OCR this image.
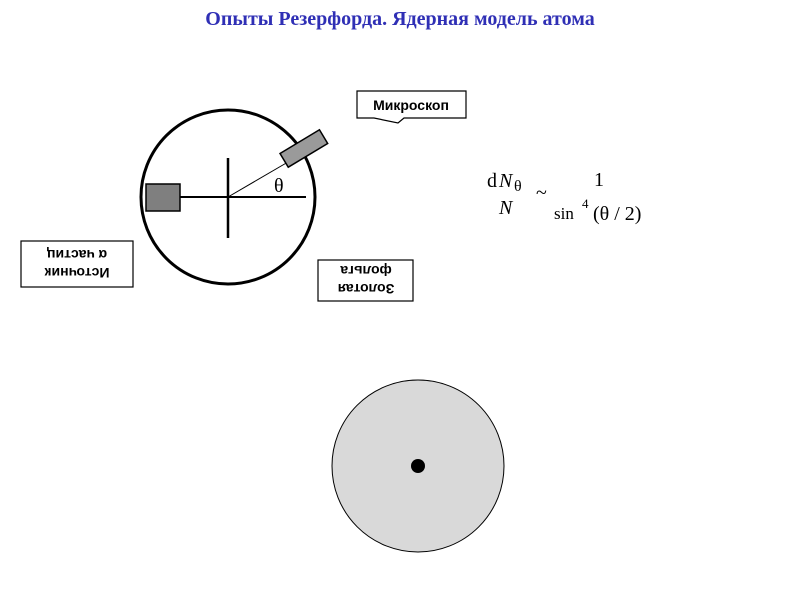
Опыты Резерфорда. Ядерная модель атома
θ
Микроскоп
Источник
α частиц
Золотая
фольга
d N θ
N
~
1
sin
4 (θ / 2)
